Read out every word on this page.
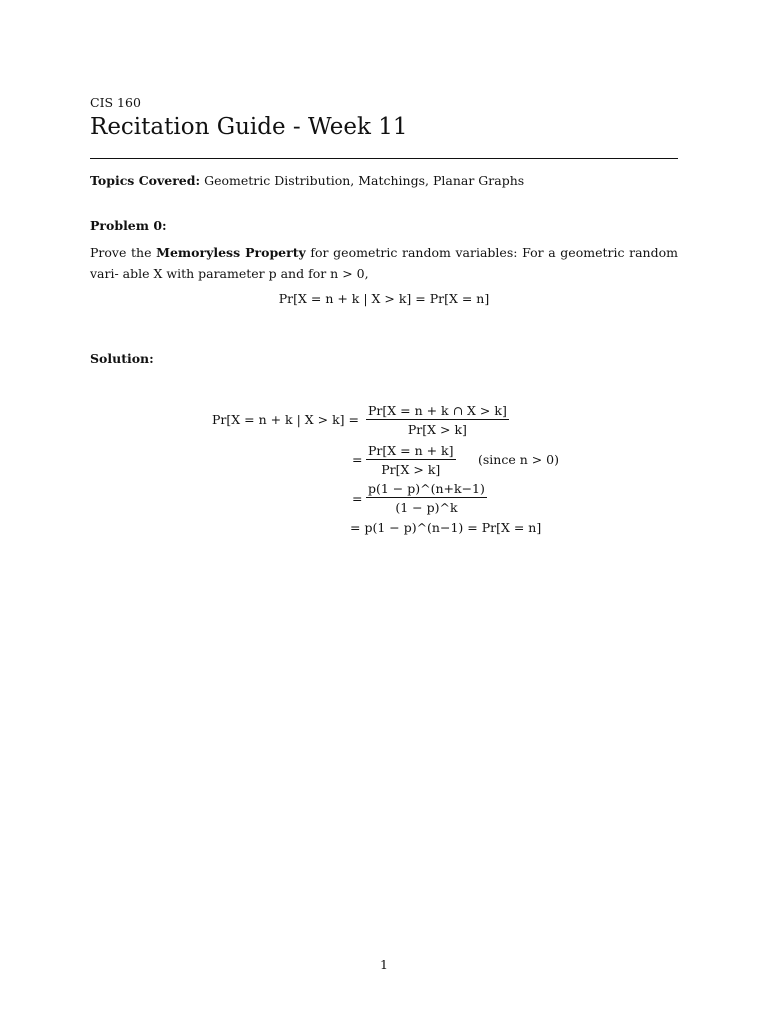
CIS 160
Recitation Guide - Week 11
Topics Covered: Geometric Distribution, Matchings, Planar Graphs
Problem 0:
Prove the Memoryless Property for geometric random variables: For a geometric random vari- able X with parameter p and for n > 0,
Pr[X = n + k | X > k] = Pr[X = n]
Solution:
Pr[X = n + k | X > k] =
Pr[X = n + k ∩ X > k]
Pr[X > k]
=
Pr[X = n + k]
Pr[X > k]
(since n > 0)
=
p(1 − p)^(n+k−1)
(1 − p)^k
= p(1 − p)^(n−1) = Pr[X = n]
1
